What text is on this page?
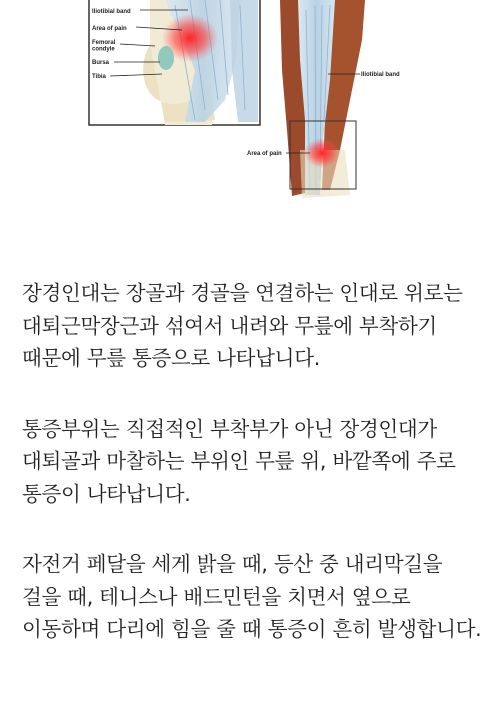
Iliotibial band
Area of pain
Femoral condyle
Bursa
Tibia	Iliotibial band
Area of pain

장경인대는 장골과 경골을 연결하는 인대로 위로는 대퇴근막장근과 섞여서 내려와 무릎에 부착하기 때문에 무릎 통증으로 나타납니다.

통증부위는 직접적인 부착부가 아닌 장경인대가 대퇴골과 마찰하는 부위인 무릎 위, 바깥쪽에 주로 통증이 나타납니다.

자전거 페달을 세게 밝을 때, 등산 중 내리막길을 걸을 때, 테니스나 배드민턴을 치면서 옆으로 이동하며 다리에 힘을 줄 때 통증이 흔히 발생합니다.
